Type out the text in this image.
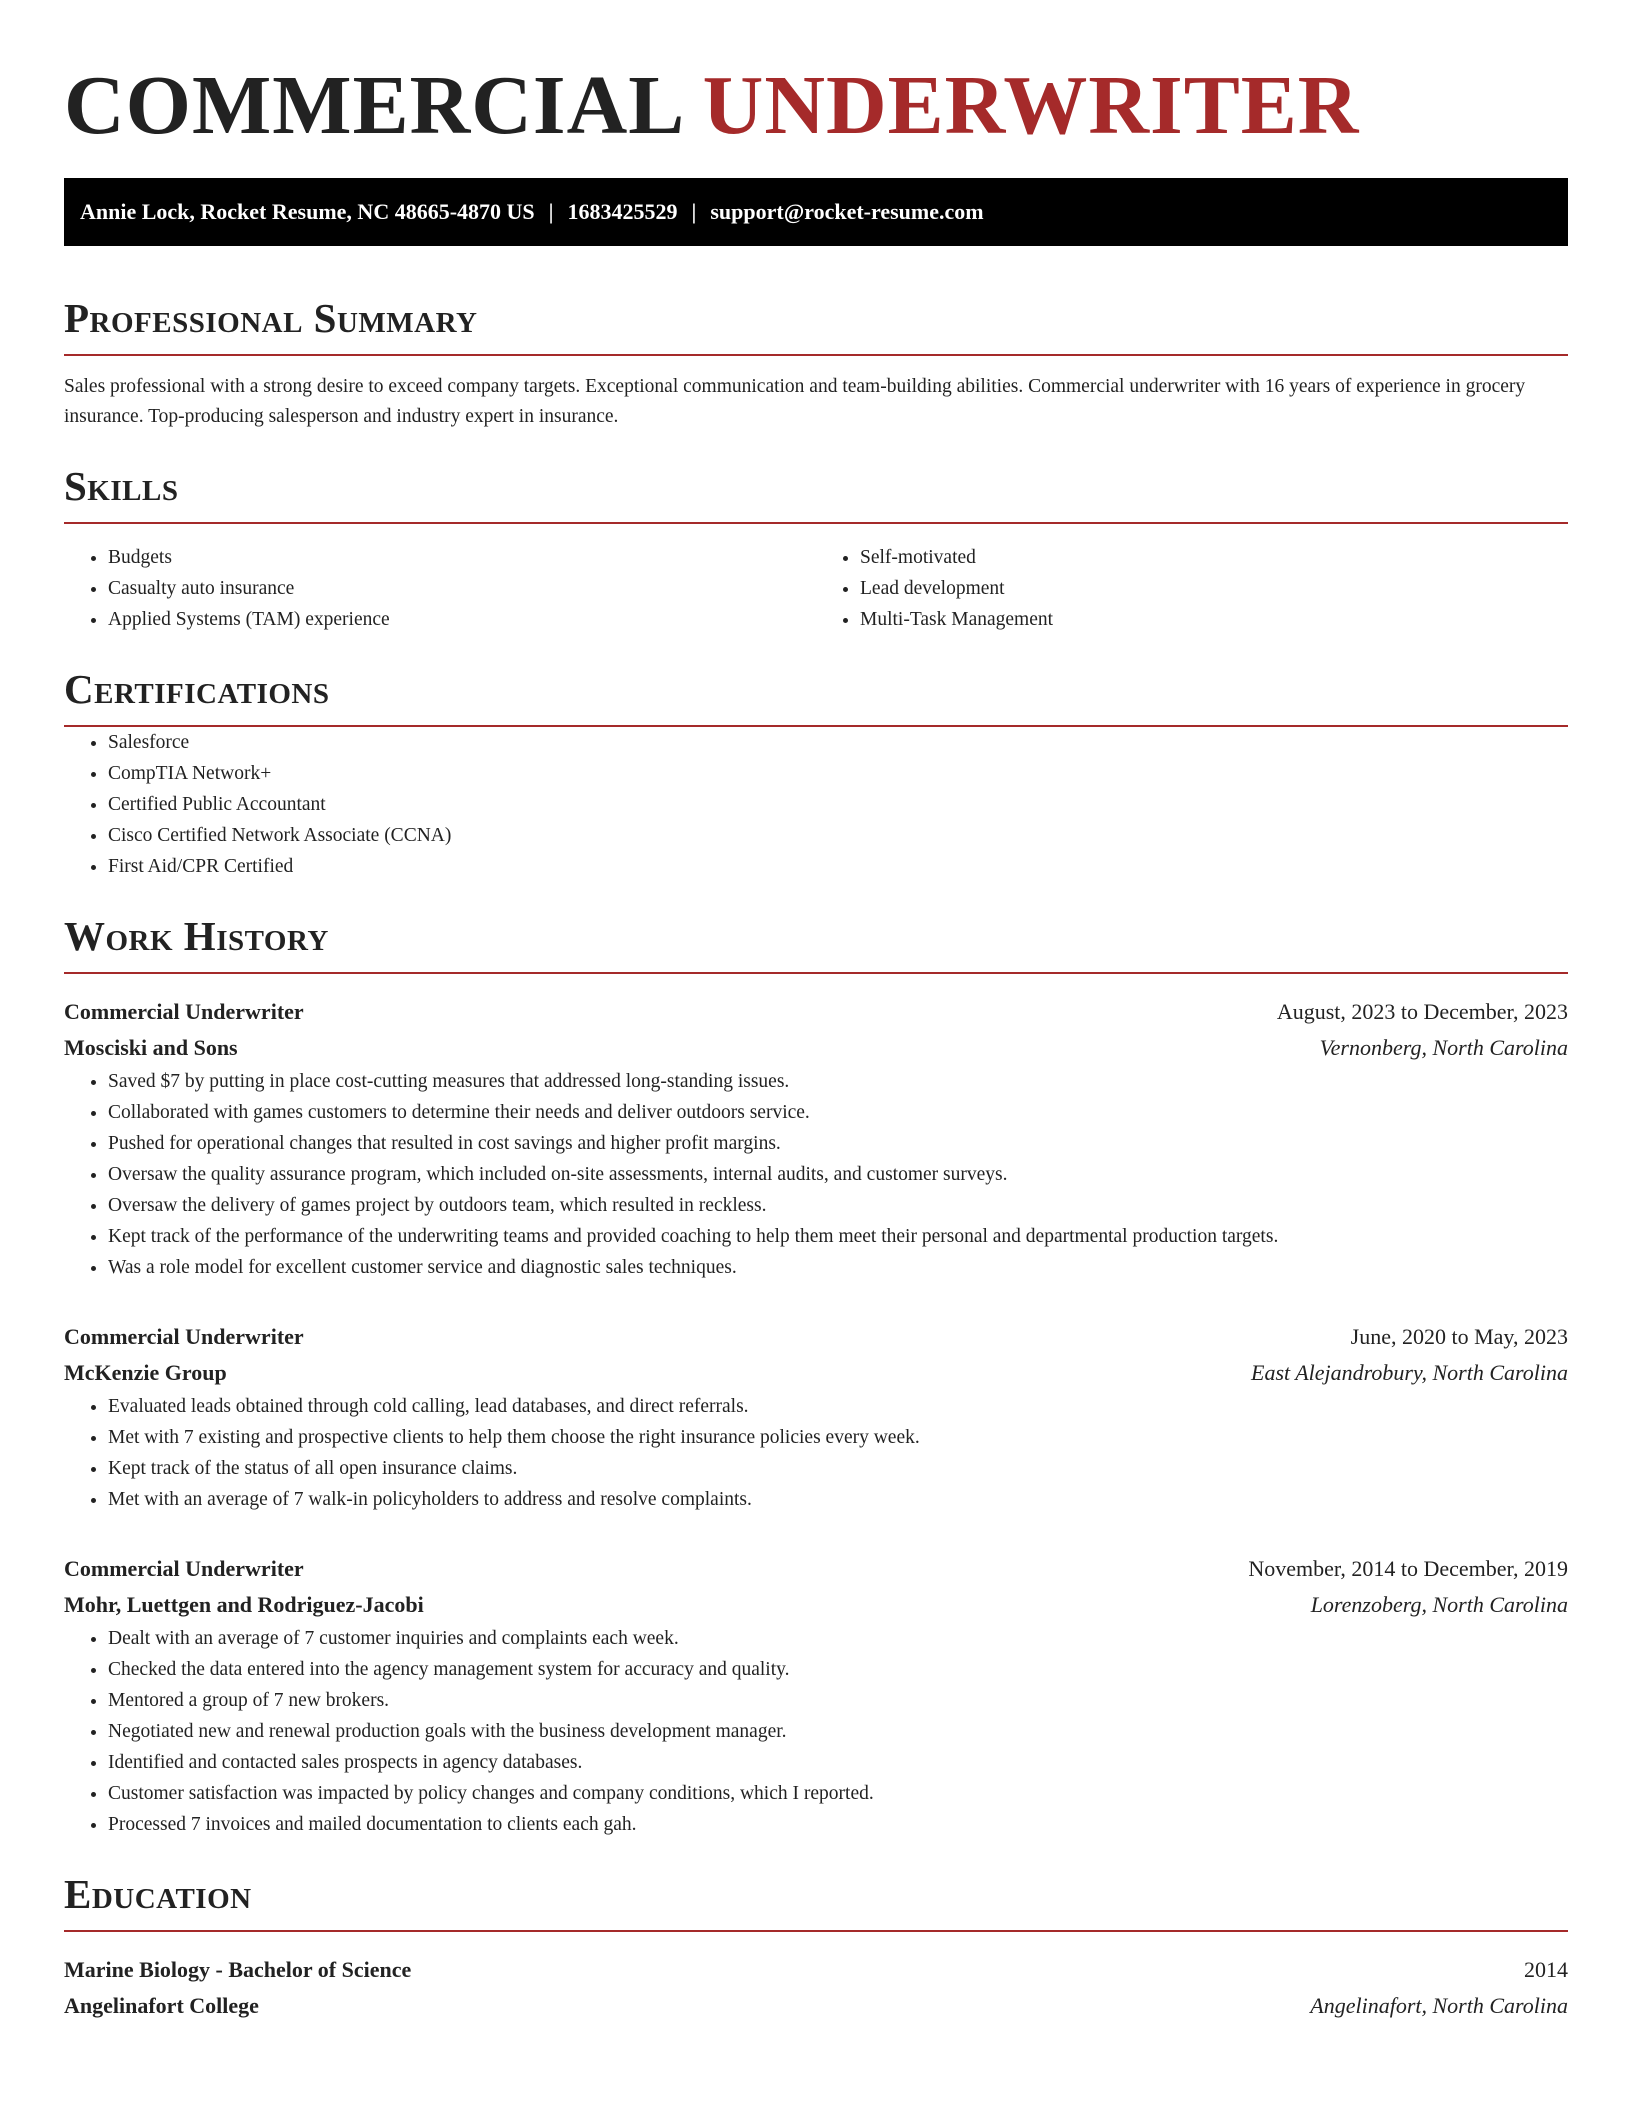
COMMERCIAL UNDERWRITER
Annie Lock, Rocket Resume, NC 48665-4870 US | 1683425529 | support@rocket-resume.com
Professional Summary

Sales professional with a strong desire to exceed company targets. Exceptional communication and team-building abilities. Commercial underwriter with 16 years of experience in grocery insurance. Top-producing salesperson and industry expert in insurance.

Skills
• Budgets
• Casualty auto insurance
• Applied Systems (TAM) experience
• Self-motivated
• Lead development
• Multi-Task Management
Certifications
• Salesforce
• CompTIA Network+
• Certified Public Accountant
• Cisco Certified Network Associate (CCNA)
• First Aid/CPR Certified
Work History
Commercial Underwriter	August, 2023 to December, 2023
Mosciski and Sons	Vernonberg, North Carolina
• Saved $7 by putting in place cost-cutting measures that addressed long-standing issues.
• Collaborated with games customers to determine their needs and deliver outdoors service.
• Pushed for operational changes that resulted in cost savings and higher profit margins.
• Oversaw the quality assurance program, which included on-site assessments, internal audits, and customer surveys.
• Oversaw the delivery of games project by outdoors team, which resulted in reckless.
• Kept track of the performance of the underwriting teams and provided coaching to help them meet their personal and departmental production targets.
• Was a role model for excellent customer service and diagnostic sales techniques.
Commercial Underwriter	June, 2020 to May, 2023
McKenzie Group	East Alejandrobury, North Carolina
• Evaluated leads obtained through cold calling, lead databases, and direct referrals.
• Met with 7 existing and prospective clients to help them choose the right insurance policies every week.
• Kept track of the status of all open insurance claims.
• Met with an average of 7 walk-in policyholders to address and resolve complaints.
Commercial Underwriter	November, 2014 to December, 2019
Mohr, Luettgen and Rodriguez-Jacobi	Lorenzoberg, North Carolina
• Dealt with an average of 7 customer inquiries and complaints each week.
• Checked the data entered into the agency management system for accuracy and quality.
• Mentored a group of 7 new brokers.
• Negotiated new and renewal production goals with the business development manager.
• Identified and contacted sales prospects in agency databases.
• Customer satisfaction was impacted by policy changes and company conditions, which I reported.
• Processed 7 invoices and mailed documentation to clients each gah.
Education
Marine Biology - Bachelor of Science	2014
Angelinafort College	Angelinafort, North Carolina
